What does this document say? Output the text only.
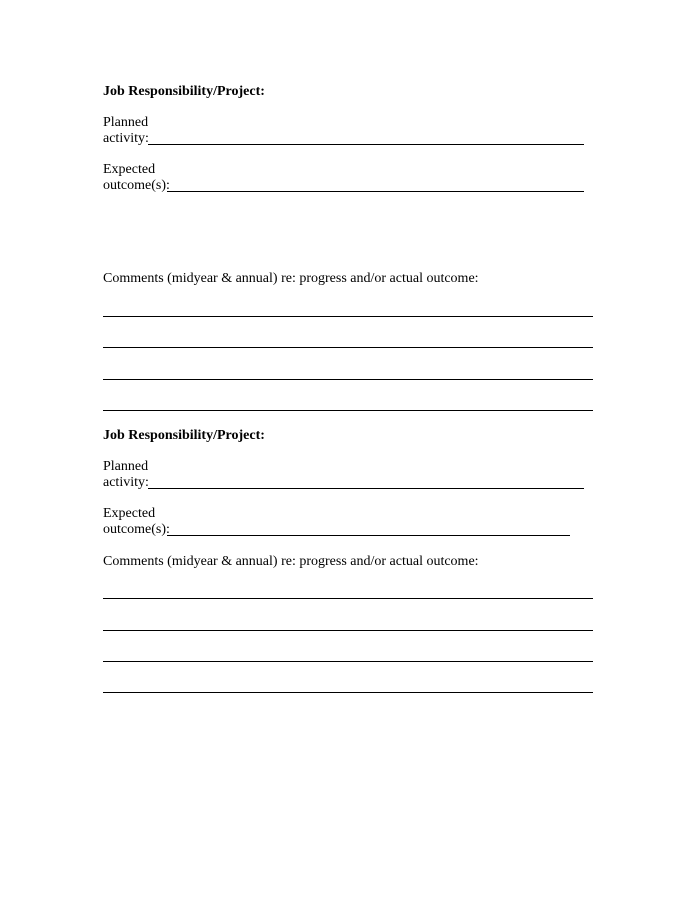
Job Responsibility/Project:
Planned
activity:
Expected
outcome(s):
Comments (midyear & annual) re: progress and/or actual outcome:
Job Responsibility/Project:
Planned
activity:
Expected
outcome(s):
Comments (midyear & annual) re: progress and/or actual outcome:
